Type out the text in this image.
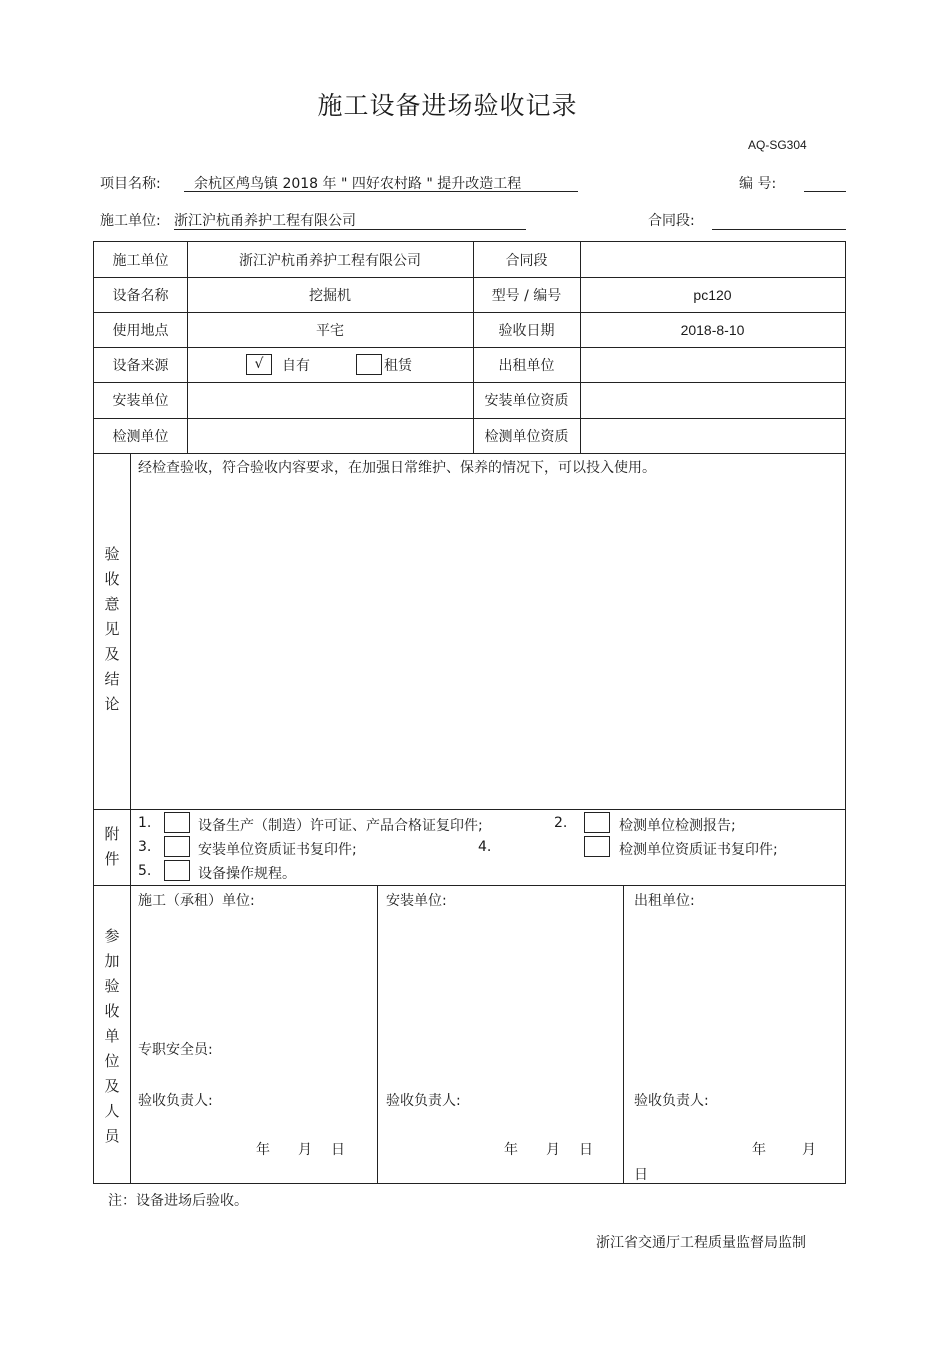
施工设备进场验收记录
AQ-SG304
项目名称: 余杭区鸬鸟镇 2018 年 " 四好农村路 " 提升改造工程	编 号:
施工单位: 浙江沪杭甬养护工程有限公司	合同段:
施工单位	浙江沪杭甬养护工程有限公司	合同段
设备名称	挖掘机	型号 / 编号	pc120
使用地点	平宅	验收日期	2018-8-10
设备来源	√	自有	租赁	出租单位
安装单位	安装单位资质
检测单位	检测单位资质
验收意见及结论
经检查验收，符合验收内容要求，在加强日常维护、保养的情况下，可以投入使用。
附件
1.	设备生产（制造）许可证、产品合格证复印件;	2.	检测单位检测报告;
3.	安装单位资质证书复印件;	4.	检测单位资质证书复印件;
5.	设备操作规程。
参加验收单位及人员
施工（承租）单位:
专职安全员:
验收负责人:
年 月 日
安装单位:
验收负责人:
年 月 日
出租单位:
验收负责人:
年	月
日
注：设备进场后验收。
浙江省交通厅工程质量监督局监制
